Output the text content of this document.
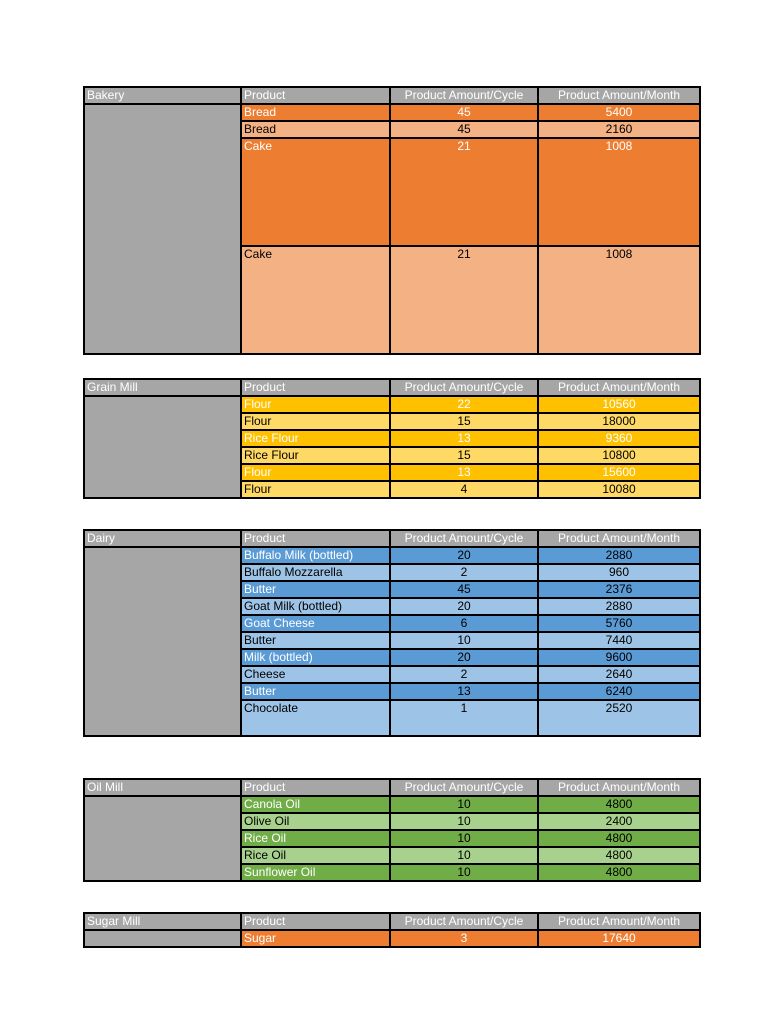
Bakery	Product	Product Amount/Cycle	Product Amount/Month
	Bread	45	5400
	Bread	45	2160
	Cake	21	1008
	Cake	21	1008
Grain Mill	Product	Product Amount/Cycle	Product Amount/Month
	Flour	22	10560
	Flour	15	18000
	Rice Flour	13	9360
	Rice Flour	15	10800
	Flour	13	15600
	Flour	4	10080
Dairy	Product	Product Amount/Cycle	Product Amount/Month
	Buffalo Milk (bottled)	20	2880
	Buffalo Mozzarella	2	960
	Butter	45	2376
	Goat Milk (bottled)	20	2880
	Goat Cheese	6	5760
	Butter	10	7440
	Milk (bottled)	20	9600
	Cheese	2	2640
	Butter	13	6240
	Chocolate	1	2520
Oil Mill	Product	Product Amount/Cycle	Product Amount/Month
	Canola Oil	10	4800
	Olive Oil	10	2400
	Rice Oil	10	4800
	Rice Oil	10	4800
	Sunflower Oil	10	4800
Sugar Mill	Product	Product Amount/Cycle	Product Amount/Month
	Sugar	3	17640
